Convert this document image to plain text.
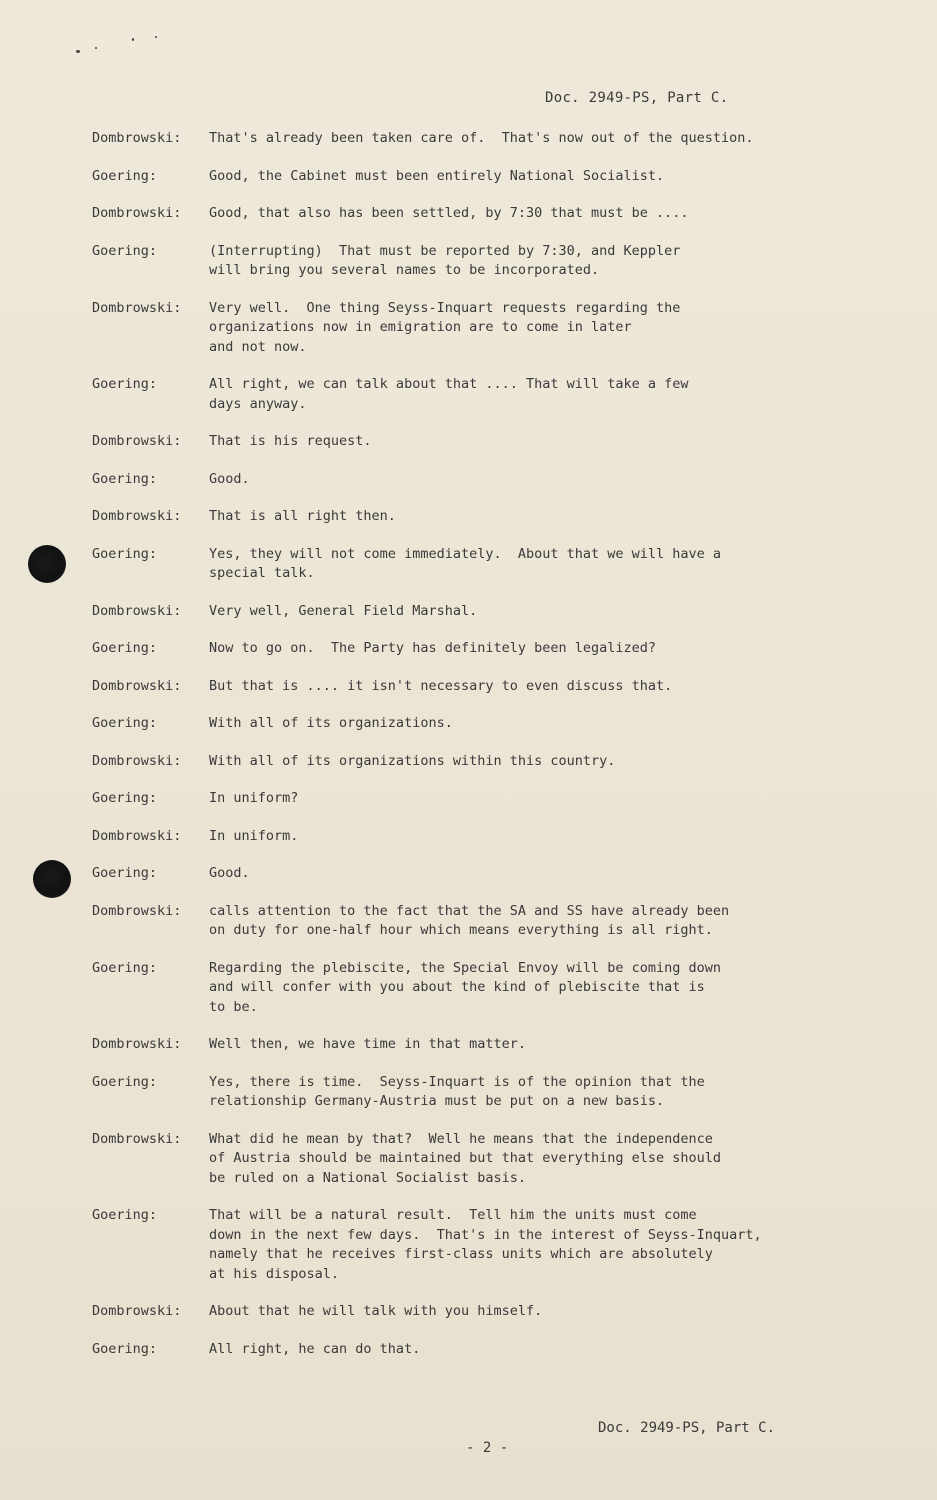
Doc. 2949-PS, Part C.
Dombrowski:	That's already been taken care of.  That's now out of the question.
Goering:	Good, the Cabinet must been entirely National Socialist.
Dombrowski:	Good, that also has been settled, by 7:30 that must be ....
Goering:	(Interrupting)  That must be reported by 7:30, and Keppler
will bring you several names to be incorporated.
Dombrowski:	Very well.  One thing Seyss-Inquart requests regarding the
organizations now in emigration are to come in later
and not now.
Goering:	All right, we can talk about that .... That will take a few
days anyway.
Dombrowski:	That is his request.
Goering:	Good.
Dombrowski:	That is all right then.
Goering:	Yes, they will not come immediately.  About that we will have a
special talk.
Dombrowski:	Very well, General Field Marshal.
Goering:	Now to go on.  The Party has definitely been legalized?
Dombrowski:	But that is .... it isn't necessary to even discuss that.
Goering:	With all of its organizations.
Dombrowski:	With all of its organizations within this country.
Goering:	In uniform?
Dombrowski:	In uniform.
Goering:	Good.
Dombrowski:	calls attention to the fact that the SA and SS have already been
on duty for one-half hour which means everything is all right.
Goering:	Regarding the plebiscite, the Special Envoy will be coming down
and will confer with you about the kind of plebiscite that is
to be.
Dombrowski:	Well then, we have time in that matter.
Goering:	Yes, there is time.  Seyss-Inquart is of the opinion that the
relationship Germany-Austria must be put on a new basis.
Dombrowski:	What did he mean by that?  Well he means that the independence
of Austria should be maintained but that everything else should
be ruled on a National Socialist basis.
Goering:	That will be a natural result.  Tell him the units must come
down in the next few days.  That's in the interest of Seyss-Inquart,
namely that he receives first-class units which are absolutely
at his disposal.
Dombrowski:	About that he will talk with you himself.
Goering:	All right, he can do that.
Doc. 2949-PS, Part C.
- 2 -
